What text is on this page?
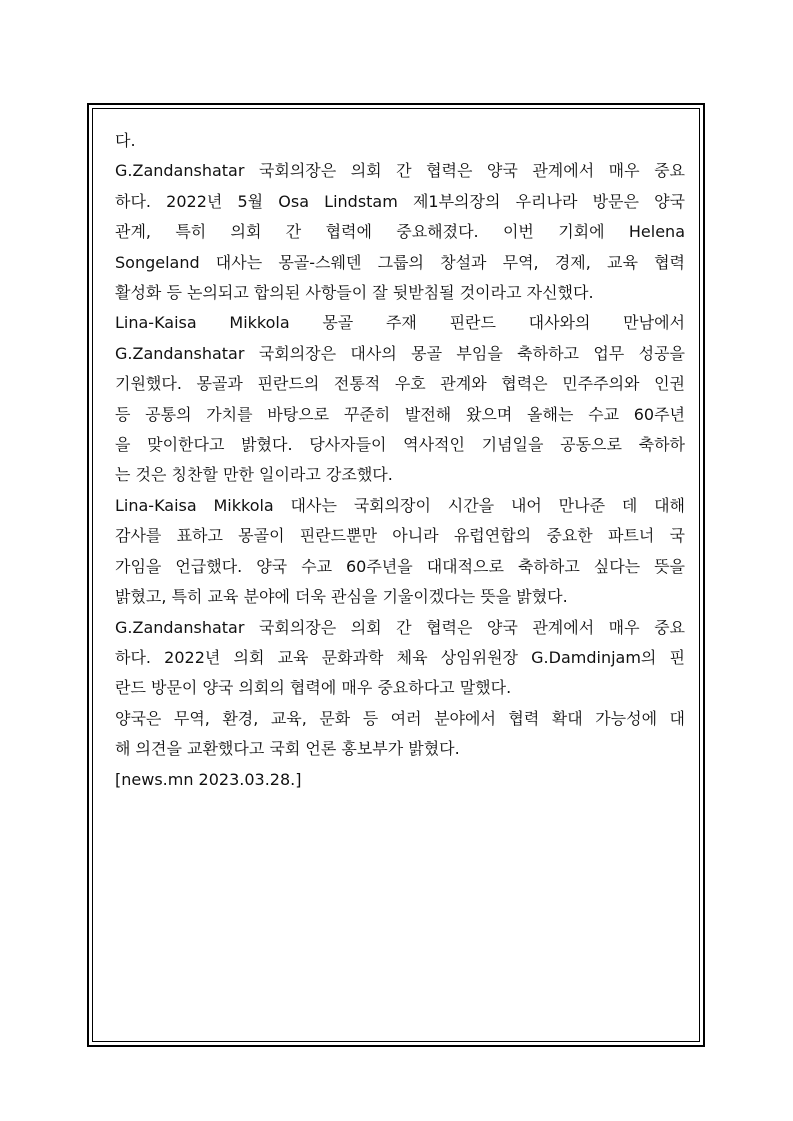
다.

G.Zandanshatar 국회의장은 의회 간 협력은 양국 관계에서 매우 중요
하다. 2022년 5월 Osa Lindstam 제1부의장의 우리나라 방문은 양국
관계, 특히 의회 간 협력에 중요해졌다. 이번 기회에 Helena
Songeland 대사는 몽골-스웨덴 그룹의 창설과 무역, 경제, 교육 협력
활성화 등 논의되고 합의된 사항들이 잘 뒷받침될 것이라고 자신했다.

Lina-Kaisa Mikkola 몽골 주재 핀란드 대사와의 만남에서
G.Zandanshatar 국회의장은 대사의 몽골 부임을 축하하고 업무 성공을
기원했다. 몽골과 핀란드의 전통적 우호 관계와 협력은 민주주의와 인권
등 공통의 가치를 바탕으로 꾸준히 발전해 왔으며 올해는 수교 60주년
을 맞이한다고 밝혔다. 당사자들이 역사적인 기념일을 공동으로 축하하
는 것은 칭찬할 만한 일이라고 강조했다.

Lina-Kaisa Mikkola 대사는 국회의장이 시간을 내어 만나준 데 대해
감사를 표하고 몽골이 핀란드뿐만 아니라 유럽연합의 중요한 파트너 국
가임을 언급했다. 양국 수교 60주년을 대대적으로 축하하고 싶다는 뜻을
밝혔고, 특히 교육 분야에 더욱 관심을 기울이겠다는 뜻을 밝혔다.

G.Zandanshatar 국회의장은 의회 간 협력은 양국 관계에서 매우 중요
하다. 2022년 의회 교육 문화과학 체육 상임위원장 G.Damdinjam의 핀
란드 방문이 양국 의회의 협력에 매우 중요하다고 말했다.

양국은 무역, 환경, 교육, 문화 등 여러 분야에서 협력 확대 가능성에 대
해 의견을 교환했다고 국회 언론 홍보부가 밝혔다.

[news.mn 2023.03.28.]
